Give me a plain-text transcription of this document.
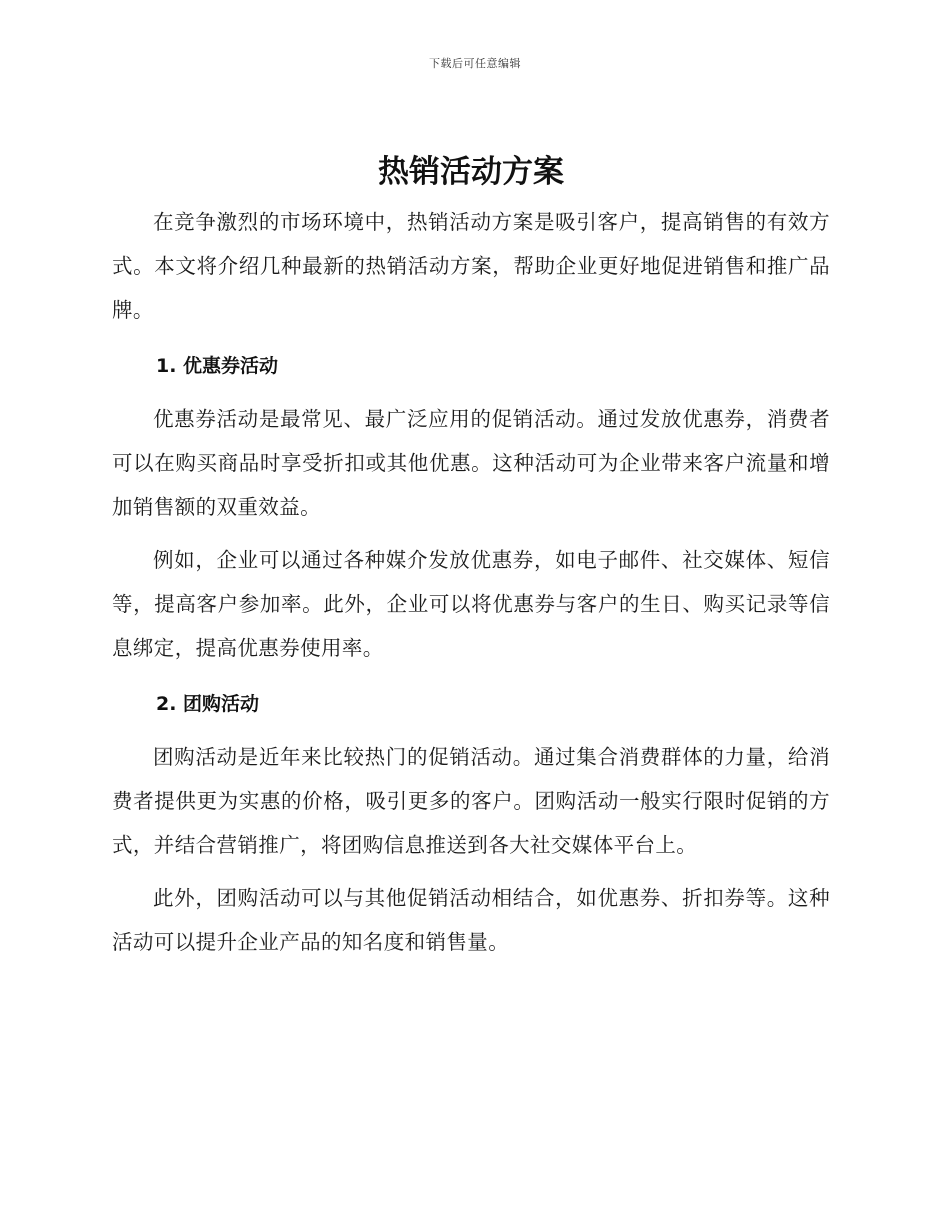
下载后可任意编辑
热销活动方案

在竞争激烈的市场环境中，热销活动方案是吸引客户，提高销售的有效方式。本文将介绍几种最新的热销活动方案，帮助企业更好地促进销售和推广品牌。

1. 优惠券活动

优惠券活动是最常见、最广泛应用的促销活动。通过发放优惠券，消费者可以在购买商品时享受折扣或其他优惠。这种活动可为企业带来客户流量和增加销售额的双重效益。

例如，企业可以通过各种媒介发放优惠券，如电子邮件、社交媒体、短信等，提高客户参加率。此外，企业可以将优惠券与客户的生日、购买记录等信息绑定，提高优惠券使用率。

2. 团购活动

团购活动是近年来比较热门的促销活动。通过集合消费群体的力量，给消费者提供更为实惠的价格，吸引更多的客户。团购活动一般实行限时促销的方式，并结合营销推广，将团购信息推送到各大社交媒体平台上。

此外，团购活动可以与其他促销活动相结合，如优惠券、折扣券等。这种活动可以提升企业产品的知名度和销售量。
